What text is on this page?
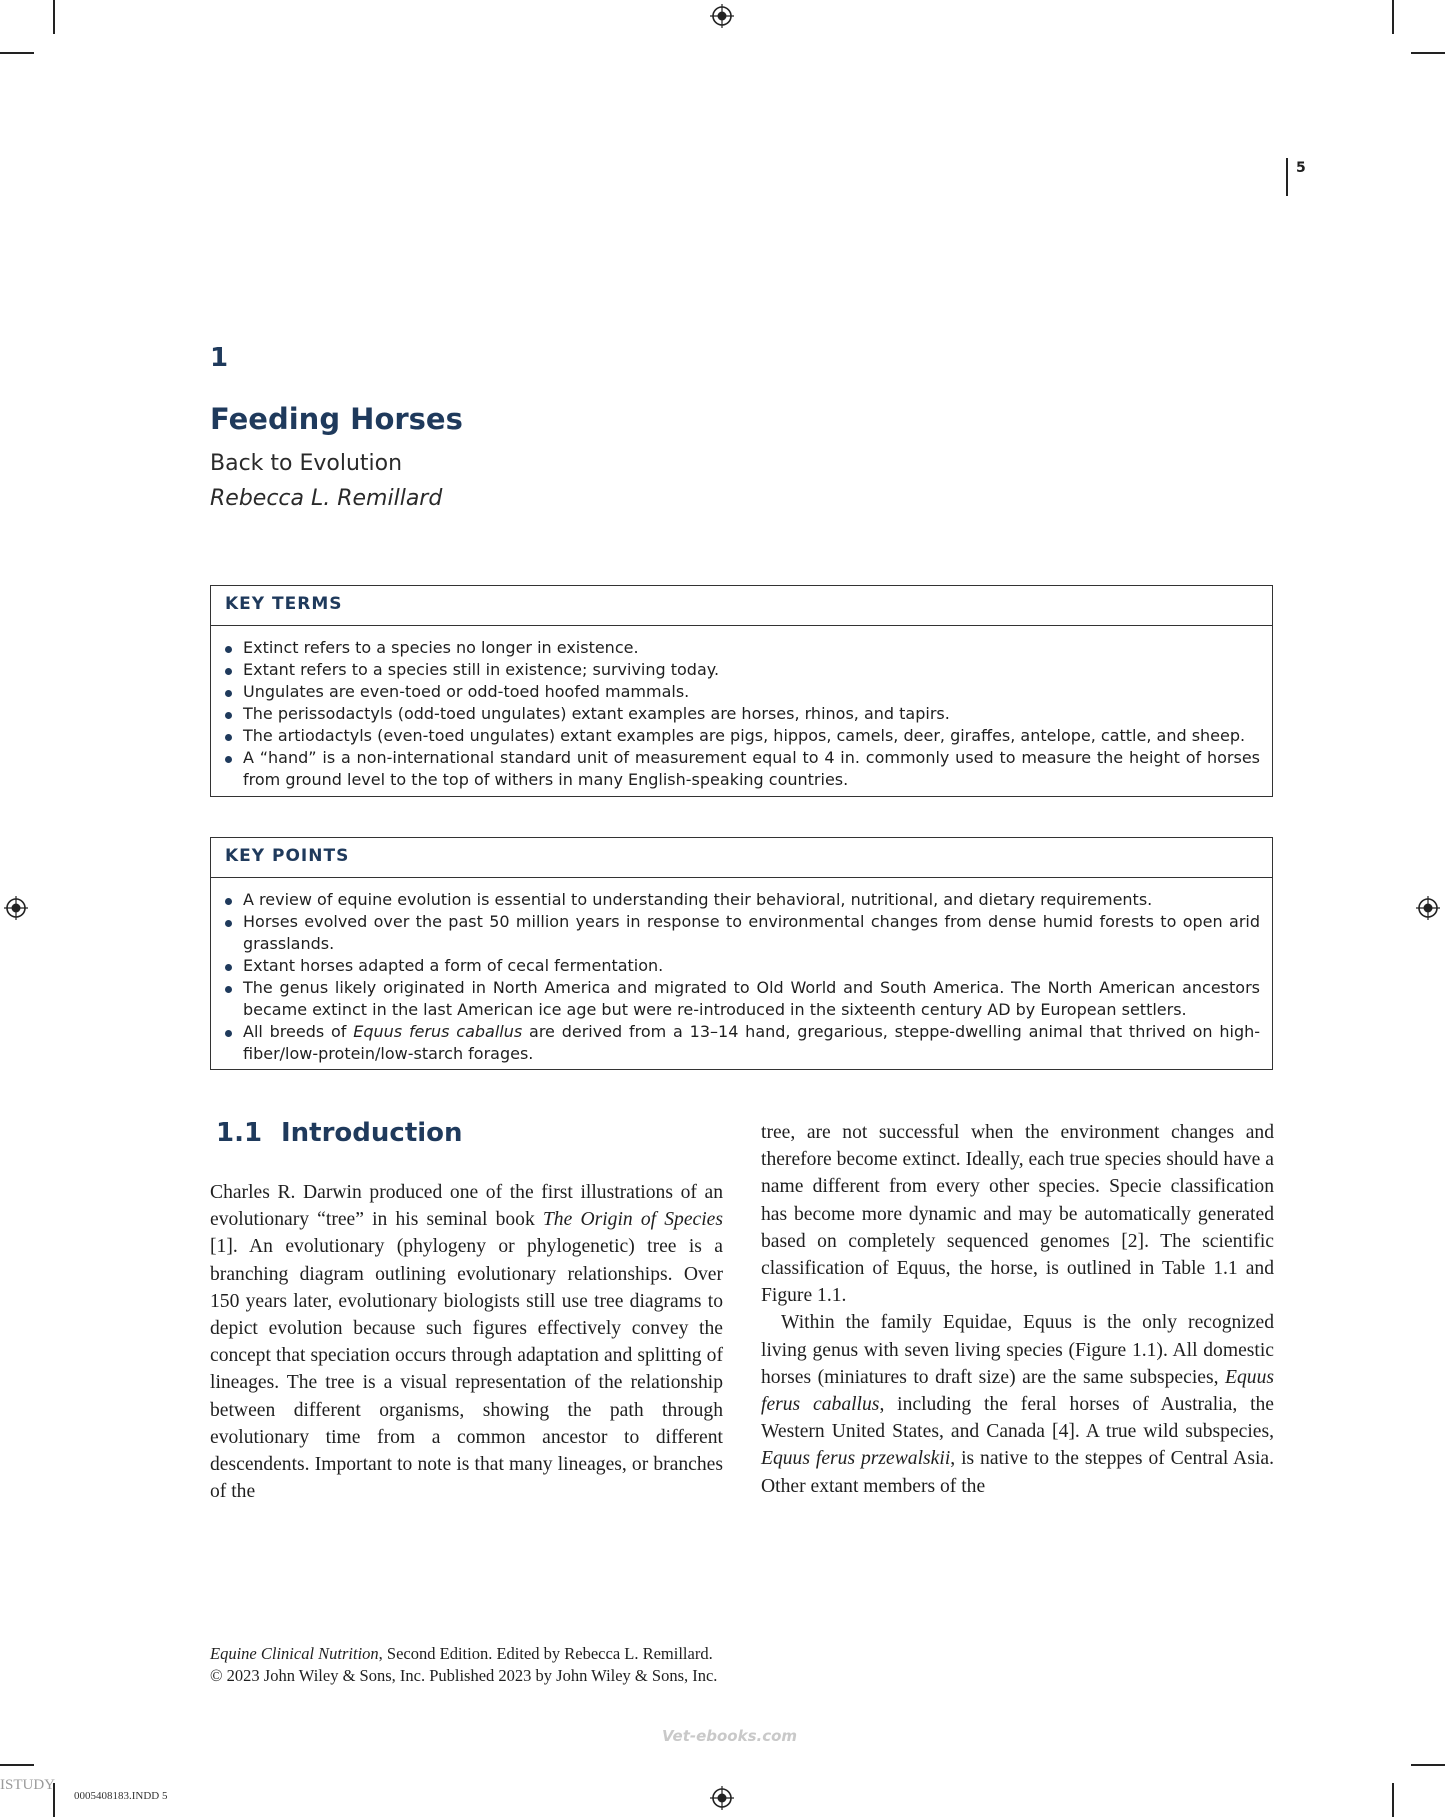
5
1
Feeding Horses
Back to Evolution
Rebecca L. Remillard
KEY TERMS
Extinct refers to a species no longer in existence.
Extant refers to a species still in existence; surviving today.
Ungulates are even-toed or odd-toed hoofed mammals.
The perissodactyls (odd-toed ungulates) extant examples are horses, rhinos, and tapirs.
The artiodactyls (even-toed ungulates) extant examples are pigs, hippos, camels, deer, giraffes, antelope, cattle, and sheep.
A “hand” is a non-international standard unit of measurement equal to 4 in. commonly used to measure the height of horses from ground level to the top of withers in many English-speaking countries.
KEY POINTS
A review of equine evolution is essential to understanding their behavioral, nutritional, and dietary requirements.
Horses evolved over the past 50 million years in response to environmental changes from dense humid forests to open arid grasslands.
Extant horses adapted a form of cecal fermentation.
The genus likely originated in North America and migrated to Old World and South America. The North American ancestors became extinct in the last American ice age but were re-introduced in the sixteenth century AD by European settlers.
All breeds of Equus ferus caballus are derived from a 13–14 hand, gregarious, steppe-dwelling animal that thrived on high-fiber/low-protein/low-starch forages.
1.1 Introduction

Charles R. Darwin produced one of the first illustrations of an evolutionary “tree” in his seminal book The Origin of Species [1]. An evolutionary (phylogeny or phylogenetic) tree is a branching diagram outlining evolutionary relationships. Over 150 years later, evolutionary biologists still use tree diagrams to depict evolution because such figures effectively convey the concept that speciation occurs through adaptation and splitting of lineages. The tree is a visual representation of the relationship between different organisms, showing the path through evolutionary time from a common ancestor to different descendents. Important to note is that many lineages, or branches of the

tree, are not successful when the environment changes and therefore become extinct. Ideally, each true species should have a name different from every other species. Specie classification has become more dynamic and may be automatically generated based on completely sequenced genomes [2]. The scientific classification of Equus, the horse, is outlined in Table 1.1 and Figure 1.1.

Within the family Equidae, Equus is the only recognized living genus with seven living species (Figure 1.1). All domestic horses (miniatures to draft size) are the same subspecies, Equus ferus caballus, including the feral horses of Australia, the Western United States, and Canada [4]. A true wild subspecies, Equus ferus przewalskii, is native to the steppes of Central Asia. Other extant members of the

Equine Clinical Nutrition, Second Edition. Edited by Rebecca L. Remillard.
© 2023 John Wiley & Sons, Inc. Published 2023 by John Wiley & Sons, Inc.
Vet-ebooks.com
0005408183.INDD 5
ISTUDY
